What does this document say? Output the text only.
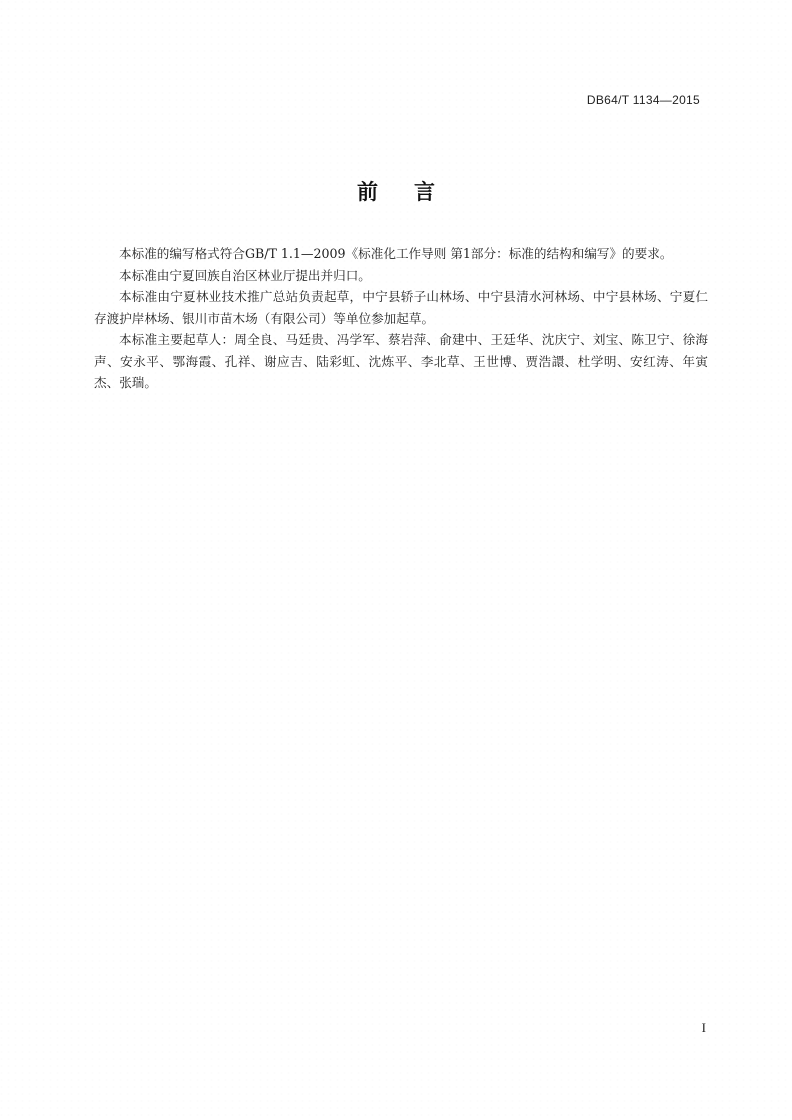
DB64/T 1134—2015
前言

本标准的编写格式符合GB/T 1.1—2009《标准化工作导则 第1部分：标准的结构和编写》的要求。

本标准由宁夏回族自治区林业厅提出并归口。

本标准由宁夏林业技术推广总站负责起草，中宁县轿子山林场、中宁县清水河林场、中宁县林场、宁夏仁存渡护岸林场、银川市苗木场（有限公司）等单位参加起草。

本标准主要起草人：周全良、马廷贵、冯学军、蔡岩萍、俞建中、王廷华、沈庆宁、刘宝、陈卫宁、徐海声、安永平、鄂海霞、孔祥、谢应吉、陆彩虹、沈炼平、李北草、王世博、贾浩譞、杜学明、安红涛、年寅杰、张瑞。

I
